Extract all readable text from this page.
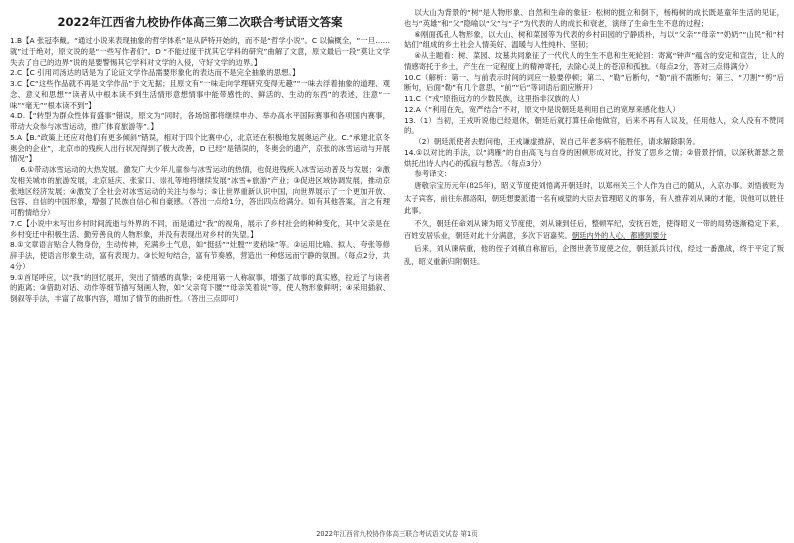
2022年江西省九校协作体高三第二次联合考试语文答案

1.B【A 张冠李戴。“通过小说来表现抽象的哲学体系”是从萨特开始的，而不是“哲学小说”。C 以偏概全，“一旦……就”过于绝对，原文说的是“一些写作者们”。D “不能过度干扰其它学科的研究”曲解了文意，原文最后一段“莫让文学失去了自己的边界”说的是要警惕其它学科对文学的入侵，守好文学的边界。】

2.C【C 引用司汤达的话是为了论证文学作品需要形象化的表达而不是完全抽象的思想。】

3.C【C“这些作品就不再是文学作品”于文无据；且原文有“一味走向学理研究变得无趣”“一味去浮着抽象的道理、观念、意义和思想”“读者从中根本读不到生活情形意想情事中能带感性的、鲜活的、生动的东西”的表述，注意“一味”“毫无”“根本读不到”】

4.D.【“转型为群众性体育盛事”错误，原文为“同时，各场馆都将继续申办、举办高水平国际赛事和各项国内赛事，带动大众参与冰雪运动，推广体育旅游等”。】

5.A【B.“政策上还应对他们有更多倾斜”错误，相对于四个比赛中心，北京还在积极地发展奥运产业。C.“承建北京冬奥会的企业”，北京市的残疾人出行状况得到了极大改善，D 已经”是错误的，冬奥会的遗产，京张的冰雪运动与开展情况”】

6.①带动冰雪运动的大热发展。激发广大少年儿童参与冰雪运动的热情，也促进残疾人冰雪运动普及与发展；②激发相关城市的旅游发展，北京延庆、张家口、崇礼等地将继续发展“冰雪+旅游”产业；③促进区域协调发展，推动京张地区经济发展；④激发了全社会对冰雪运动的关注与参与；⑤让世界重新认识中国，向世界展示了一个更加开放、包容、自信的中国形象，增强了民族自信心和自豪感。（答出一点给1分，答出四点给满分。如有其他答案，言之有理可酌情给分）

7.C【小说中未写出乡村时间流逝与外界的不同，而是通过“我”的视角，展示了乡村社会的种种变化，其中父亲是在乡村变迁中积极生活、勤劳善良的人物形象，并没有表现出对乡村的失望。】

8.①文章语言贴合人物身份，生动传神，充满乡土气息，如“挺括”“灶膛”“麦秸垛”等。②运用比喻、拟人、夸张等修辞手法，使语言形象生动，富有表现力。③长短句结合，富有节奏感，营造出一种悠远而宁静的氛围。（每点2分，共4分）

9.①首尾呼应，以“我”的回忆展开，突出了情感的真挚；②使用第一人称叙事，增强了故事的真实感，拉近了与读者的距离；③借助对话、动作等细节描写刻画人物，如“父亲弯下腰”“母亲笑着说”等，使人物形象鲜明；④采用插叙、倒叙等手法，丰富了故事内容，增加了情节的曲折性。（答出三点即可）

以大山为背景的“树”是人物形象、自然和生命的象征：松树的挺立和倒下，杨梅树的成长既是童年生活的见证，也与“英雄”和“父”隐喻以“父”与“子”为代表的人的成长和衰老，演绎了生命生生不息的过程；

⑥刚面孤孔人物形象，以大山、树和菜园等为代表的乡村田园的宁静质朴，与以“父亲”“母亲”“奶奶”“山民”和“村姑们”组成的乡土社会人情美好、温暖与人性纯朴、坚韧；

④从主题看：树、菜园、坟墓共同象征了一代代人的生生不息和生死轮回：寄寓“钟声”蕴含的安定和宣告，让人的情感寄托于乡土，产生在一定程度上的精神寄托，去除心灵上的苍凉和孤独。（每点2分，答对三点得满分）

10.C（解析：第一、与前表示时间的词应一般要停顿；第二、“勒”后断句，“勒”前不需断句；第三、“刀割”“剪”后断句，后面“勒”有几个意思，“前”“后”等词语后面应断开）

11.C（“戎”原指远方的少数民族，这里指非汉族的人）

12.A（“利用在先，宽严结合”不对，原文中是说朝廷是利用自己的宽厚来感化他人）

13.（1）当初，王戎听说他已经退休，朝廷后就打算任命他做官，后来不再有人议及，任用他人，众人没有不赞同的。

（2）朝廷派使者去慰问他，王戎谦虚推辞，说自己年老多病不能胜任，请求解除职务。

14.①以对比的手法，以“鸿雁”的自由高飞与自身的困顿形成对比，抒发了思乡之情；②借景抒情，以深秋萧瑟之景烘托出诗人内心的孤寂与愁苦。（每点3分）

参考译文：

唐敬宗宝历元年(825年)，昭义节度使刘悟离开朝廷时，以郑州关三个人作为自己的随从，入京办事。刘悟被贬为太子宾客，前往东都洛阳，朝廷想要派遣一名有威望的大臣去管理昭义的事务，有人推荐刘从谏的才能，说他可以胜任此事。

不久，朝廷任命刘从谏为昭义节度使，刘从谏到任后，整顿军纪，安抚百姓，使得昭义一带的局势逐渐稳定下来，百姓安居乐业，朝廷对此十分满意，多次下诏嘉奖。朝廷内外的人心，都感到要分

后来，刘从谏病重，他的侄子刘稹自称留后，企图世袭节度使之位，朝廷派兵讨伐，经过一番激战，终于平定了叛乱，昭义重新归附朝廷。

2022年江西省九校协作体高三联合考试语文试卷 第1页
